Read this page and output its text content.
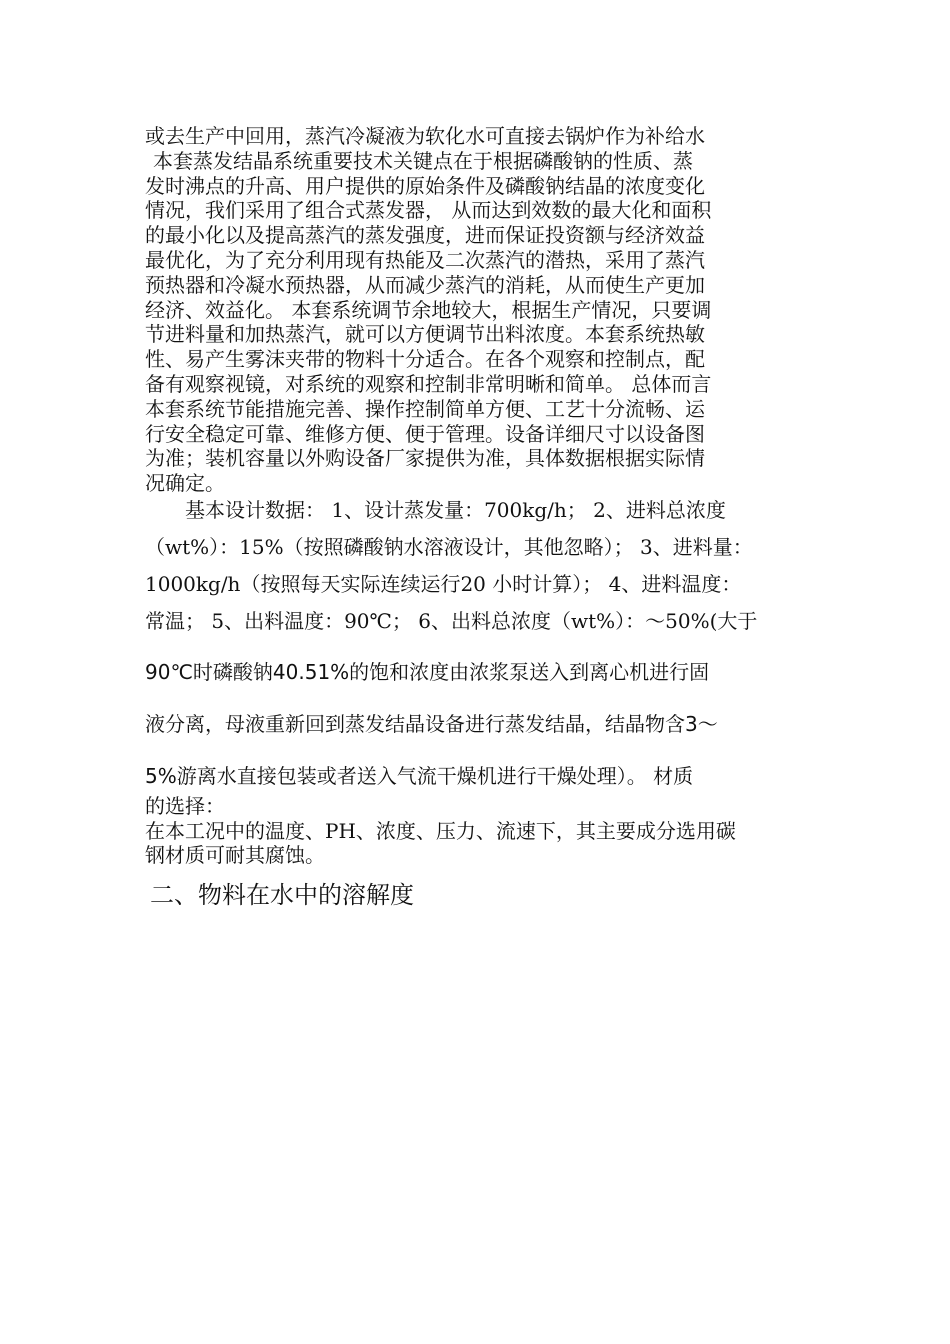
或去生产中回用，蒸汽冷凝液为软化水可直接去锅炉作为补给水
本套蒸发结晶系统重要技术关键点在于根据磷酸钠的性质、蒸
发时沸点的升高、用户提供的原始条件及磷酸钠结晶的浓度变化
情况，我们采用了组合式蒸发器， 从而达到效数的最大化和面积
的最小化以及提高蒸汽的蒸发强度，进而保证投资额与经济效益
最优化，为了充分利用现有热能及二次蒸汽的潜热，采用了蒸汽
预热器和冷凝水预热器，从而减少蒸汽的消耗，从而使生产更加
经济、效益化。 本套系统调节余地较大，根据生产情况，只要调
节进料量和加热蒸汽，就可以方便调节出料浓度。本套系统热敏
性、易产生雾沫夹带的物料十分适合。在各个观察和控制点，配
备有观察视镜，对系统的观察和控制非常明晰和简单。 总体而言
本套系统节能措施完善、操作控制简单方便、工艺十分流畅、运
行安全稳定可靠、维修方便、便于管理。设备详细尺寸以设备图
为准；装机容量以外购设备厂家提供为准，具体数据根据实际情
况确定。
　　基本设计数据： 1、设计蒸发量：700kg/h； 2、进料总浓度
（wt%）：15%（按照磷酸钠水溶液设计，其他忽略）； 3、进料量：
1000kg/h（按照每天实际连续运行20 小时计算）； 4、进料温度：
常温； 5、出料温度：90℃； 6、出料总浓度（wt%）：～50%(大于
90℃时磷酸钠40.51%的饱和浓度由浓浆泵送入到离心机进行固
液分离，母液重新回到蒸发结晶设备进行蒸发结晶，结晶物含3～
5%游离水直接包装或者送入气流干燥机进行干燥处理）。 材质
的选择：
在本工况中的温度、PH、浓度、压力、流速下，其主要成分选用碳
钢材质可耐其腐蚀。
二、物料在水中的溶解度
